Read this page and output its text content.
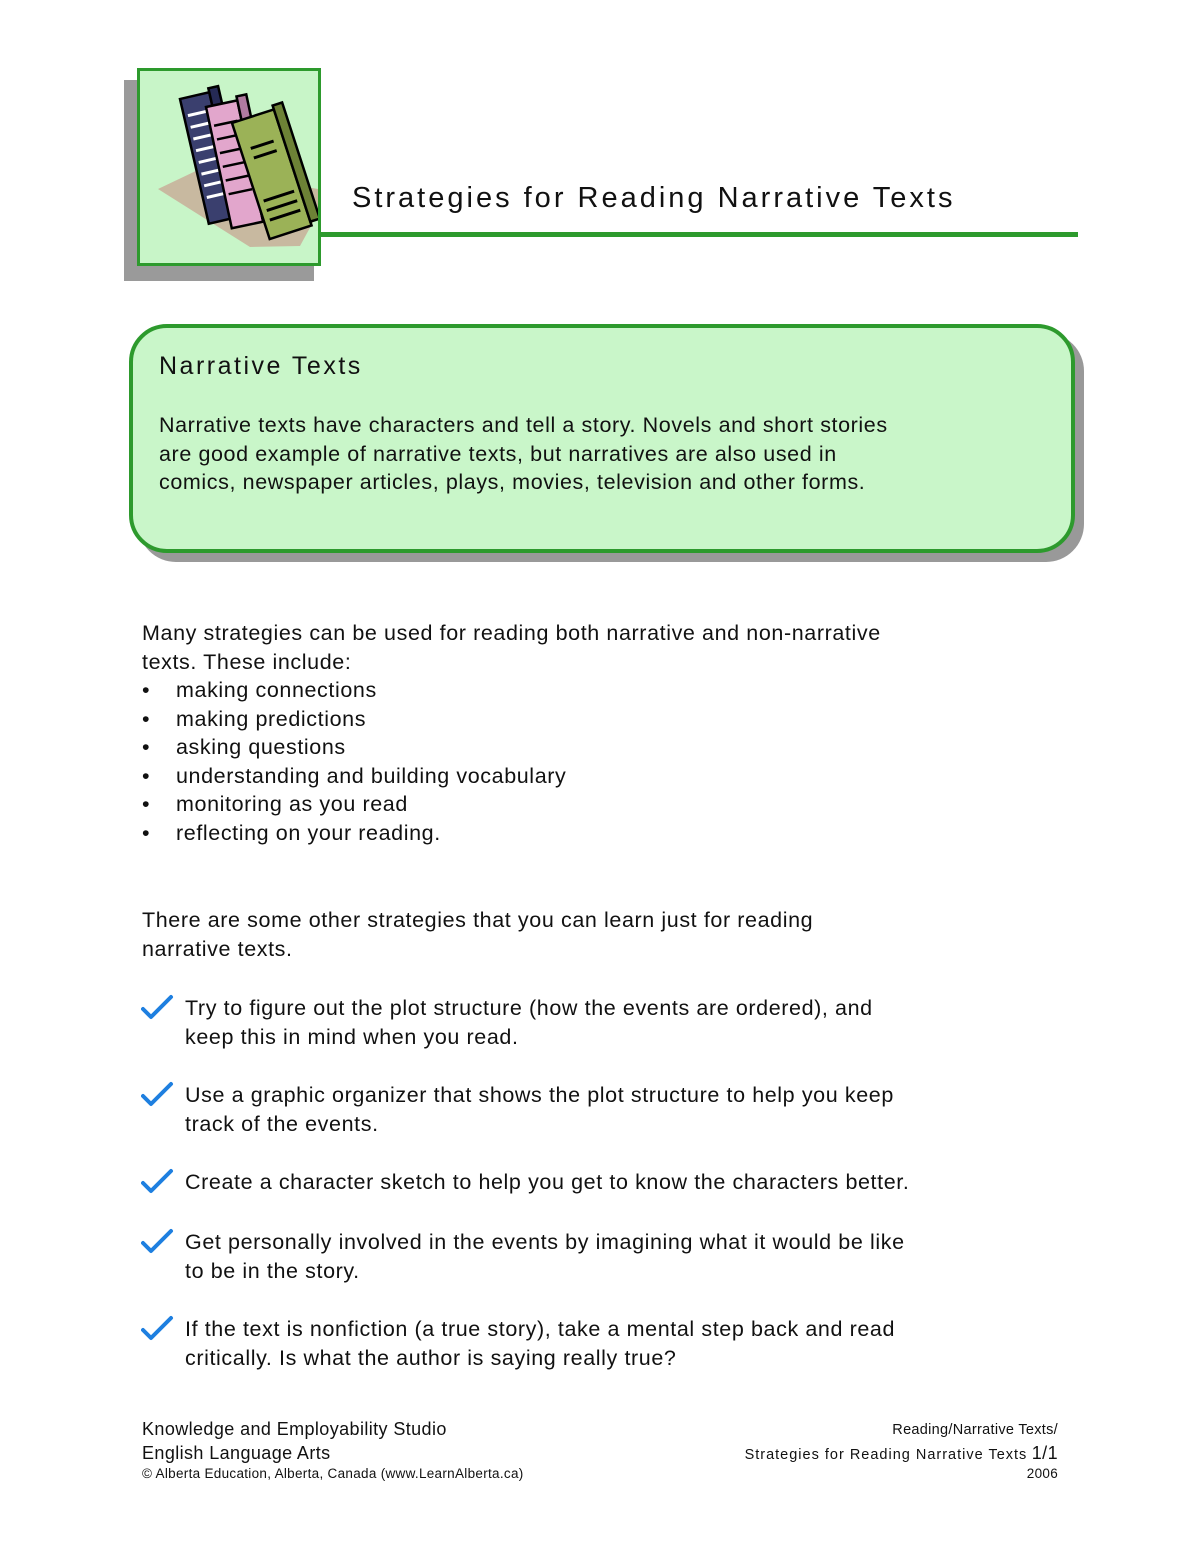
Strategies for Reading Narrative Texts
Narrative Texts
Narrative texts have characters and tell a story. Novels and short stories
are good example of narrative texts, but narratives are also used in
comics, newspaper articles, plays, movies, television and other forms.
Many strategies can be used for reading both narrative and non-narrative
texts. These include:
• making connections
• making predictions
• asking questions
• understanding and building vocabulary
• monitoring as you read
• reflecting on your reading.
There are some other strategies that you can learn just for reading
narrative texts.
Try to figure out the plot structure (how the events are ordered), and
keep this in mind when you read.
Use a graphic organizer that shows the plot structure to help you keep
track of the events.
Create a character sketch to help you get to know the characters better.
Get personally involved in the events by imagining what it would be like
to be in the story.
If the text is nonfiction (a true story), take a mental step back and read
critically. Is what the author is saying really true?
Knowledge and Employability Studio
English Language Arts
© Alberta Education, Alberta, Canada (www.LearnAlberta.ca)
Reading/Narrative Texts/
Strategies for Reading Narrative Texts 1/1
2006
